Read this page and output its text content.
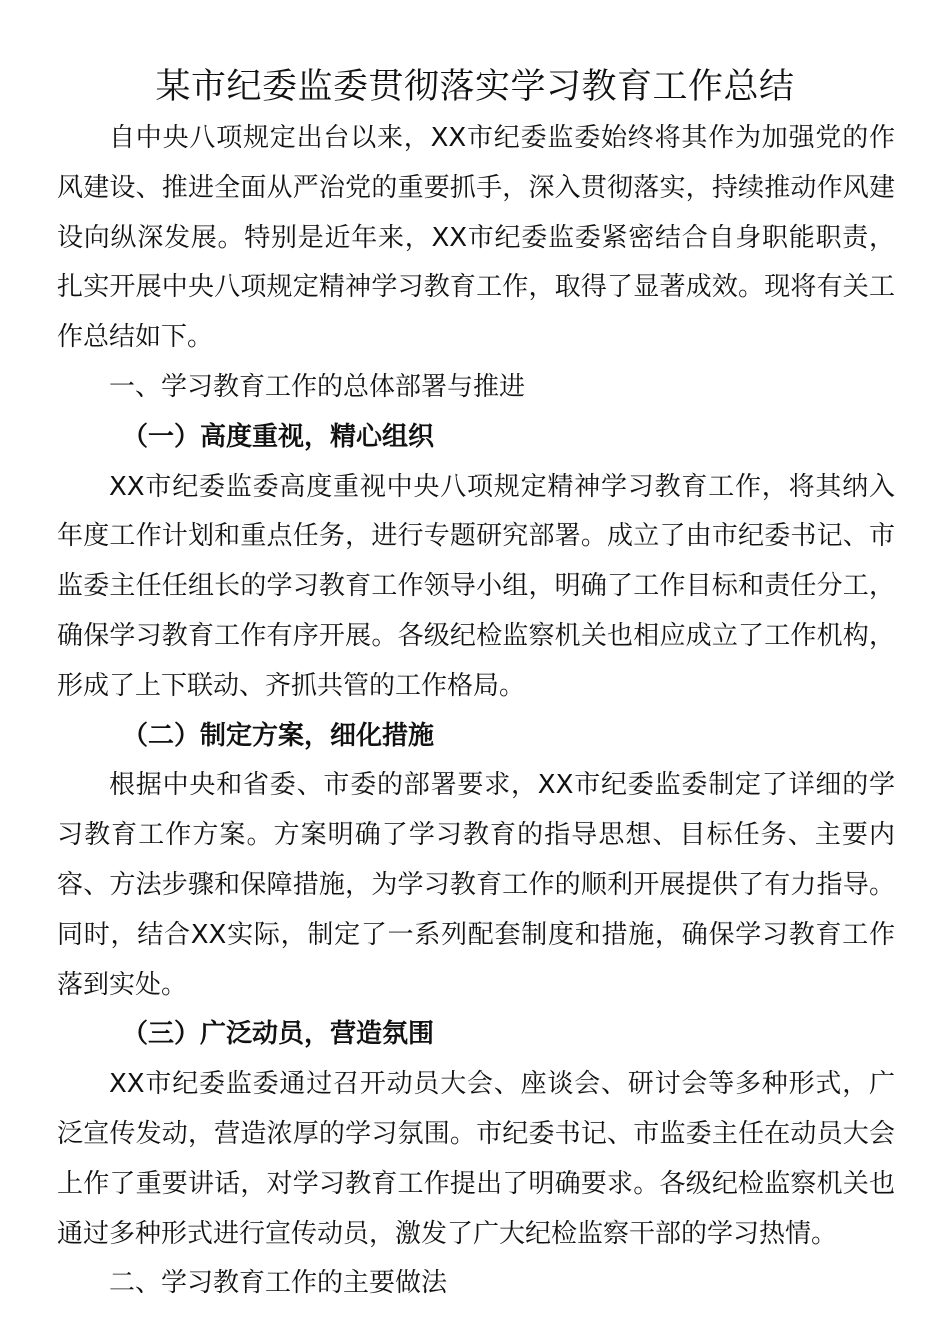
某市纪委监委贯彻落实学习教育工作总结

自中央八项规定出台以来，XX市纪委监委始终将其作为加强党的作风建设、推进全面从严治党的重要抓手，深入贯彻落实，持续推动作风建设向纵深发展。特别是近年来，XX市纪委监委紧密结合自身职能职责，扎实开展中央八项规定精神学习教育工作，取得了显著成效。现将有关工作总结如下。

一、学习教育工作的总体部署与推进

（一）高度重视，精心组织

XX市纪委监委高度重视中央八项规定精神学习教育工作，将其纳入年度工作计划和重点任务，进行专题研究部署。成立了由市纪委书记、市监委主任任组长的学习教育工作领导小组，明确了工作目标和责任分工，确保学习教育工作有序开展。各级纪检监察机关也相应成立了工作机构，形成了上下联动、齐抓共管的工作格局。

（二）制定方案，细化措施

根据中央和省委、市委的部署要求，XX市纪委监委制定了详细的学习教育工作方案。方案明确了学习教育的指导思想、目标任务、主要内容、方法步骤和保障措施，为学习教育工作的顺利开展提供了有力指导。同时，结合XX实际，制定了一系列配套制度和措施，确保学习教育工作落到实处。

（三）广泛动员，营造氛围

XX市纪委监委通过召开动员大会、座谈会、研讨会等多种形式，广泛宣传发动，营造浓厚的学习氛围。市纪委书记、市监委主任在动员大会上作了重要讲话，对学习教育工作提出了明确要求。各级纪检监察机关也通过多种形式进行宣传动员，激发了广大纪检监察干部的学习热情。

二、学习教育工作的主要做法
